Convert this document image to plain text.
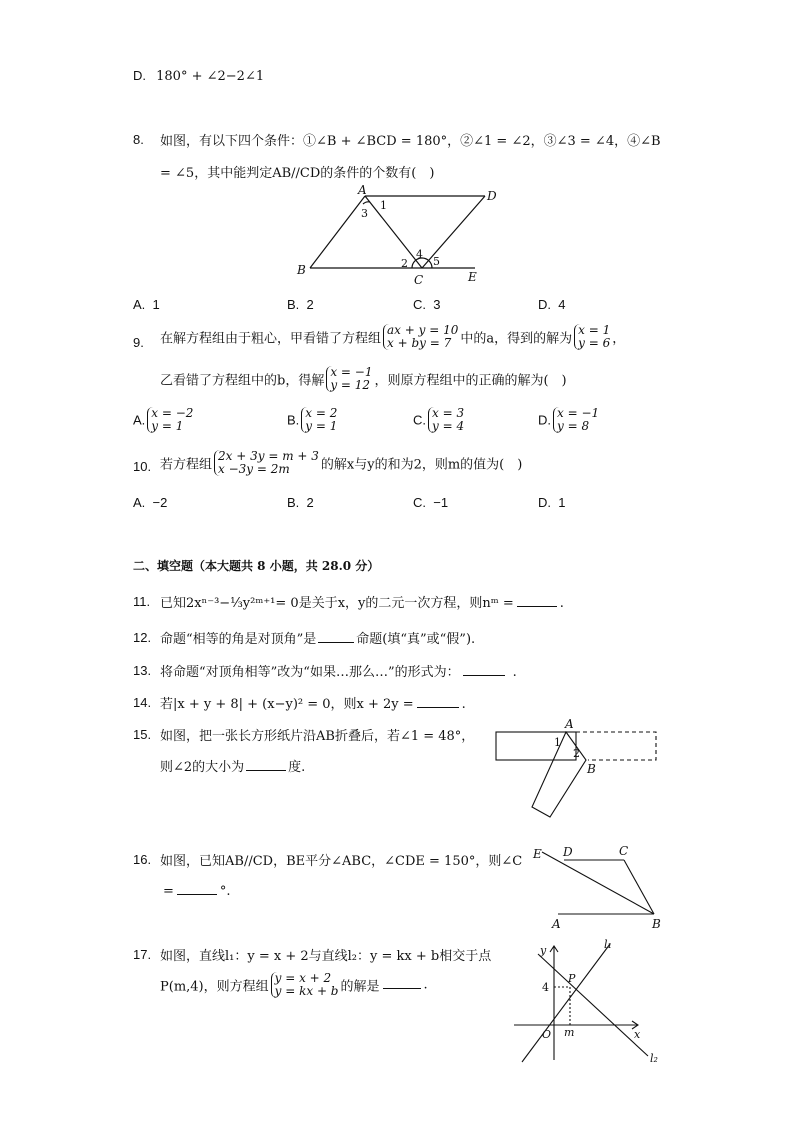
D. 180° + ∠2−2∠1
8. 如图，有以下四个条件：①∠B + ∠BCD = 180°，②∠1 = ∠2，③∠3 = ∠4，④∠B
= ∠5，其中能判定AB//CD的条件的个数有(　)
A	D
B
C	E
1
2
3
4
5
A. 1	B. 2	C. 3	D. 4
9. 在解方程组由于粗心，甲看错了方程组ax + y = 10
x + by = 7 中的a，得到的解为x = 1
y = 6 ，
乙看错了方程组中的b，得解x = −1
y = 12 ，则原方程组中的正确的解为(　)
A. x = −2
y = 1	B. x = 2
y = 1	C. x = 3
y = 4	D. x = −1
y = 8
10. 若方程组2x + 3y = m + 3
x −3y = 2m 的解x与y的和为2，则m的值为(　)
A. −2	B. 2	C. −1	D. 1
二、填空题（本大题共 8 小题，共 28.0 分）
11. 已知2xⁿ⁻³−⅓y²ᵐ⁺¹= 0是关于x，y的二元一次方程，则nᵐ =	.
12. 命题“相等的角是对顶角”是	命题(填“真”或“假”).
13. 将命题“对顶角相等”改为“如果…那么…”的形式为：	.
14. 若|x + y + 8| + (x−y)² = 0，则x + 2y =	.
15. 如图，把一张长方形纸片沿AB折叠后，若∠1 = 48°，
则∠2的大小为	度.
A
B
1
2
16. 如图，已知AB//CD，BE平分∠ABC，∠CDE = 150°，则∠C
=	°.
E D	C
A	B
17. 如图，直线l₁：y = x + 2与直线l₂：y = kx + b相交于点
P(m,4)，则方程组y = x + 2
y = kx + b 的解是	.
y
x
O m
P
l₁
l₂
4
